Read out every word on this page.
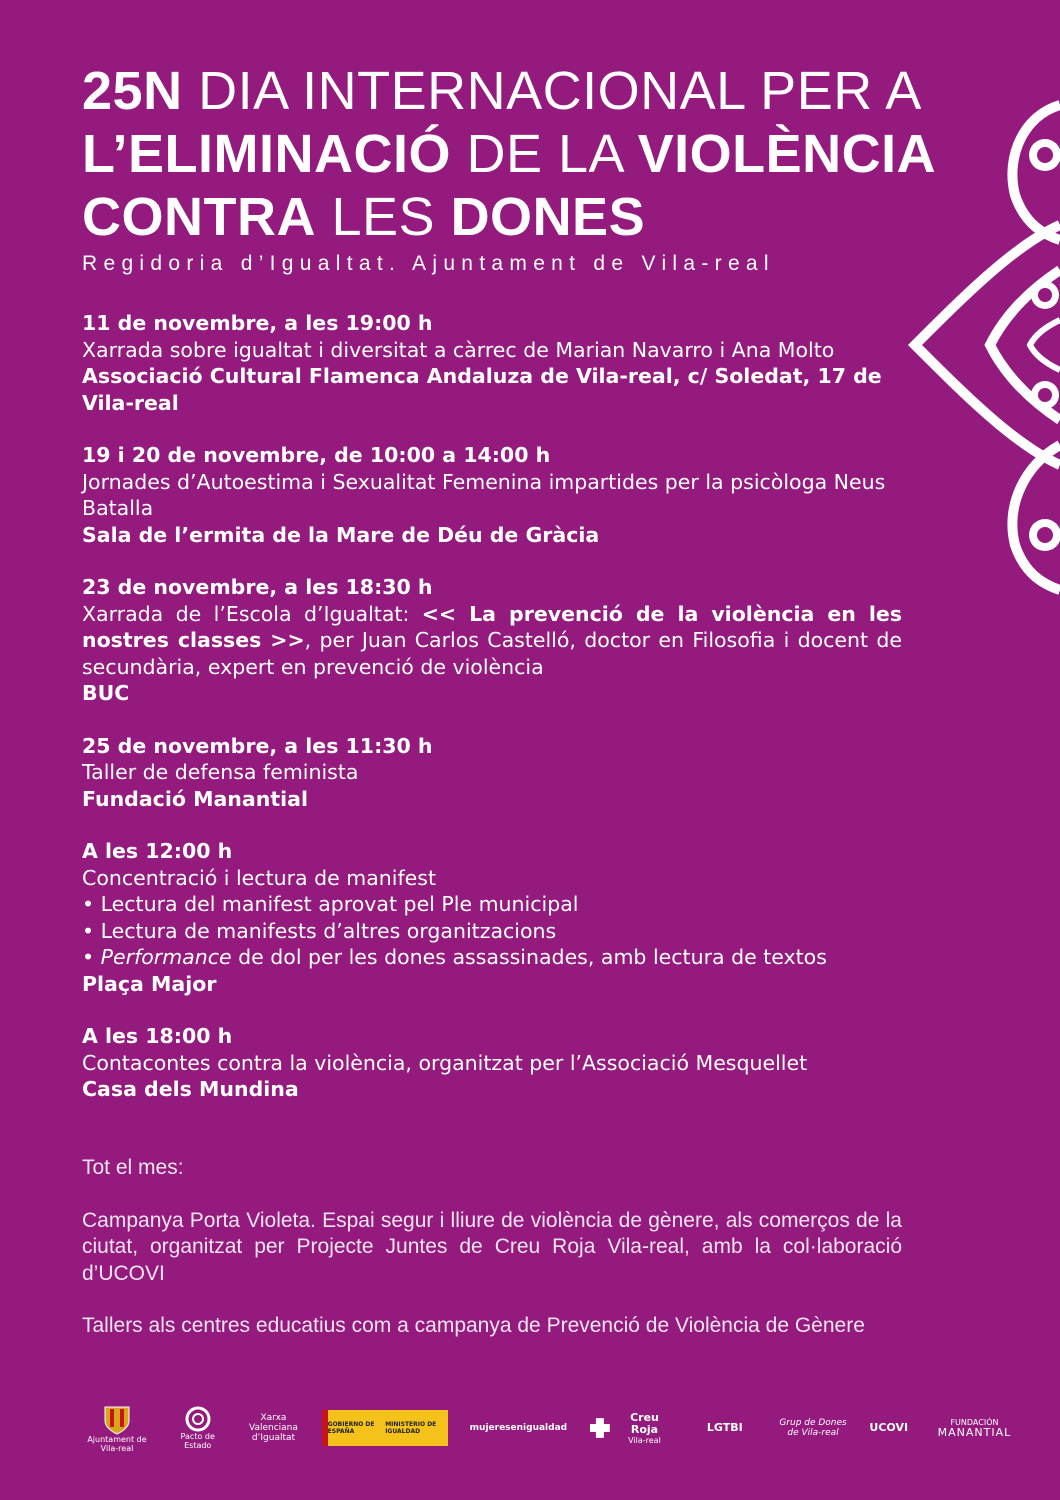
25N DIA INTERNACIONAL PER A
L’ELIMINACIÓ DE LA VIOLÈNCIA
CONTRA LES DONES
Regidoria d’Igualtat. Ajuntament de Vila-real
11 de novembre, a les 19:00 h
Xarrada sobre igualtat i diversitat a càrrec de Marian Navarro i Ana Molto
Associació Cultural Flamenca Andaluza de Vila-real, c/ Soledat, 17 de Vila-real
19 i 20 de novembre, de 10:00 a 14:00 h
Jornades d’Autoestima i Sexualitat Femenina impartides per la psicòloga Neus Batalla
Sala de l’ermita de la Mare de Déu de Gràcia
23 de novembre, a les 18:30 h
Xarrada de l’Escola d’Igualtat: << La prevenció de la violència en les nostres classes >>, per Juan Carlos Castelló, doctor en Filosofia i docent de secundària, expert en prevenció de violència
BUC
25 de novembre, a les 11:30 h
Taller de defensa feminista
Fundació Manantial
A les 12:00 h
Concentració i lectura de manifest
• Lectura del manifest aprovat pel Ple municipal
• Lectura de manifests d’altres organitzacions
• Performance de dol per les dones assassinades, amb lectura de textos
Plaça Major
A les 18:00 h
Contacontes contra la violència, organitzat per l’Associació Mesquellet
Casa dels Mundina

Tot el mes:

Campanya Porta Violeta. Espai segur i lliure de violència de gènere, als comerços de la ciutat, organitzat per Projecte Juntes de Creu Roja Vila-real, amb la col·laboració d’UCOVI

Tallers als centres educatius com a campanya de Prevenció de Violència de Gènere

Ajuntament de Vila-real
Pacto de Estado
Xarxa Valenciana d’Igualtat
GOBIERNO DE ESPAÑA
MINISTERIO DE IGUALDAD	mujeresenigualdad
Creu Roja
Vila-real
LGTBI	Grup de Dones de Vila-real	UCOVI	FUNDACIÓN
MANANTIAL
